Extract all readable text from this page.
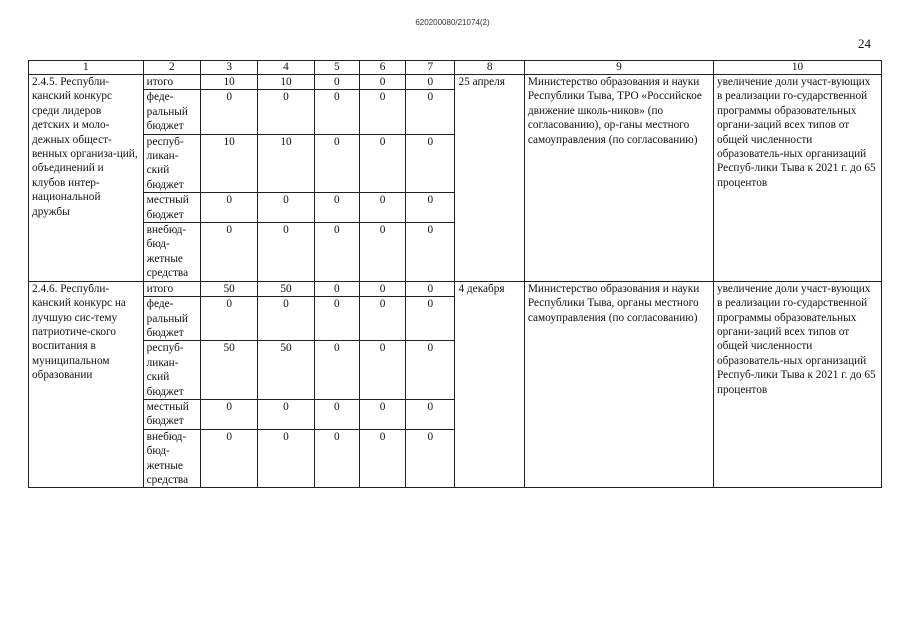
620200080/21074(2)
24
1	2	3	4	5	6	7	8	9	10
2.4.5. Республи-канский конкурс среди лидеров детских и моло-дежных общест-венных организа-ций, объединений и клубов интер-национальной дружбы	итого	10	10	0	0	0	25 апреля	Министерство образования и науки Республики Тыва, ТРО «Российское движение школь-ников» (по согласованию), ор-ганы местного самоуправления (по согласованию)	увеличение доли участ-вующих в реализации го-сударственной программы образовательных органи-заций всех типов от общей численности образователь-ных организаций Респуб-лики Тыва к 2021 г. до 65 процентов
	феде-ральный бюджет	0	0	0	0	0			
	респуб-ликан-ский бюджет	10	10	0	0	0			
	местный бюджет	0	0	0	0	0			
	внебюд-бюд-жетные средства	0	0	0	0	0			
2.4.6. Республи-канский конкурс на лучшую сис-тему патриотиче-ского воспитания в муниципальном образовании	итого	50	50	0	0	0	4 декабря	Министерство образования и науки Республики Тыва, органы местного самоуправления (по согласованию)	увеличение доли участ-вующих в реализации го-сударственной программы образовательных органи-заций всех типов от общей численности образователь-ных организаций Респуб-лики Тыва к 2021 г. до 65 процентов
	феде-ральный бюджет	0	0	0	0	0			
	респуб-ликан-ский бюджет	50	50	0	0	0			
	местный бюджет	0	0	0	0	0			
	внебюд-бюд-жетные средства	0	0	0	0	0			
